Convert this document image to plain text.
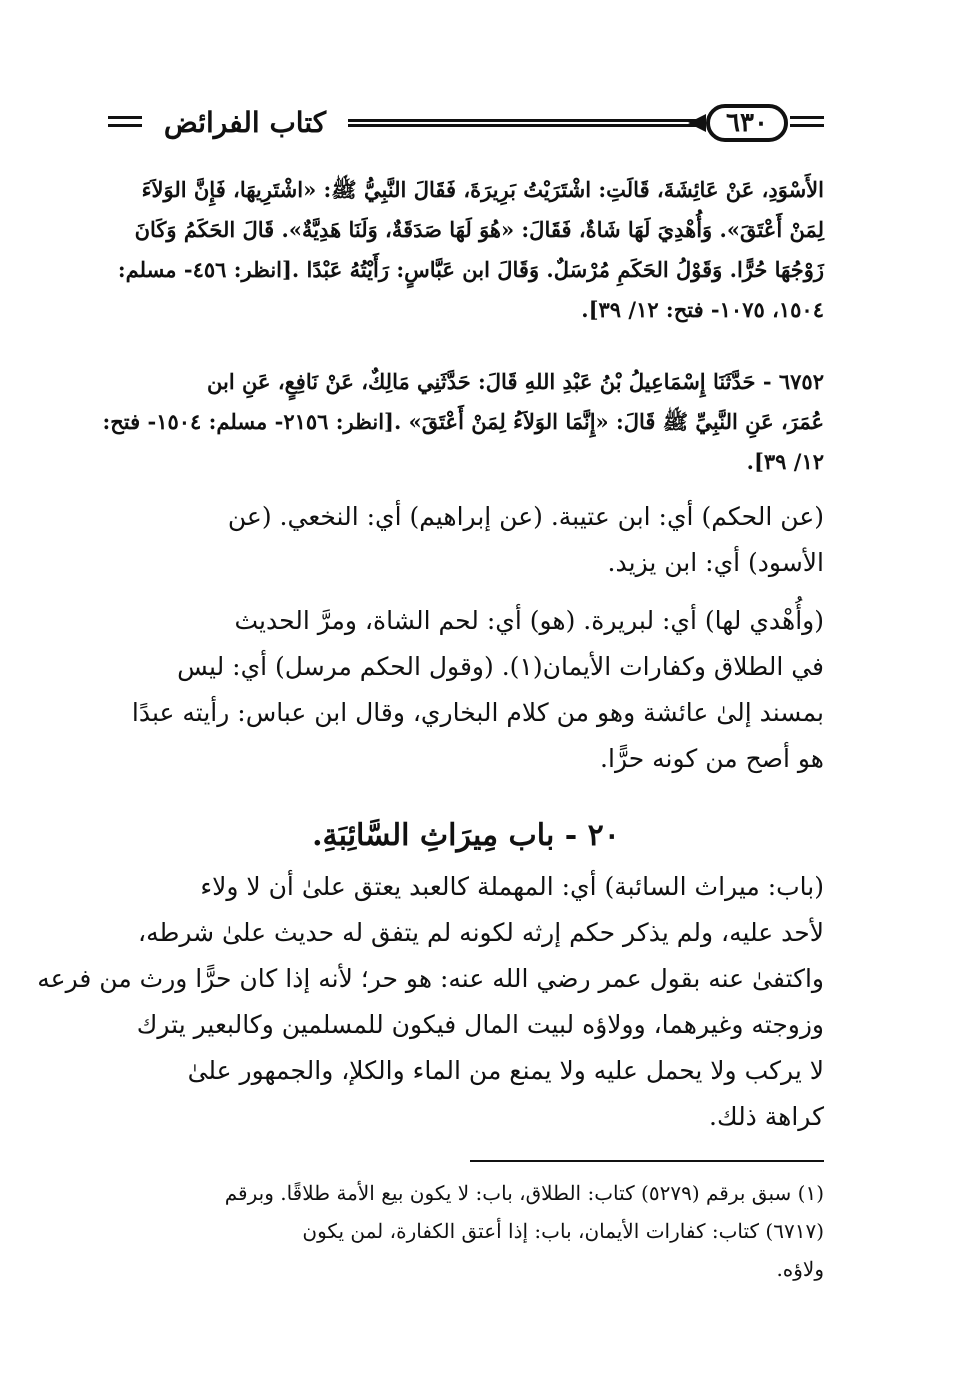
كتاب الفرائض	٦٣٠
الأَسْوَدِ، عَنْ عَائِشَةَ، قَالَتِ: اشْتَرَيْتُ بَرِيرَةَ، فَقَالَ النَّبِيُّ ﷺ: «اشْتَرِيهَا، فَإِنَّ الوَلاَءَ
لِمَنْ أَعْتَقَ». وَأُهْدِيَ لَهَا شَاةٌ، فَقَالَ: «هُوَ لَهَا صَدَقَةٌ، وَلَنَا هَدِيَّةٌ». قَالَ الحَكَمُ وَكَانَ
زَوْجُهَا حُرًّا. وَقَوْلُ الحَكَمِ مُرْسَلٌ. وَقَالَ ابن عَبَّاسٍ: رَأَيْتُهُ عَبْدًا .[انظر: ٤٥٦- مسلم:
١٥٠٤، ١٠٧٥- فتح: ١٢/ ٣٩].
٦٧٥٢ - حَدَّثَنَا إِسْمَاعِيلُ بْنُ عَبْدِ اللهِ قَالَ: حَدَّثَنِي مَالِكٌ، عَنْ نَافِعٍ، عَنِ ابن
عُمَرَ، عَنِ النَّبِيِّ ﷺ قَالَ: «إِنَّمَا الوَلاَءُ لِمَنْ أَعْتَقَ» .[انظر: ٢١٥٦- مسلم: ١٥٠٤- فتح:
١٢/ ٣٩].
(عن الحكم) أي: ابن عتيبة. (عن إبراهيم) أي: النخعي. (عن
الأسود) أي: ابن يزيد.
(وأُهْدي لها) أي: لبريرة. (هو) أي: لحم الشاة، ومرَّ الحديث
في الطلاق وكفارات الأيمان(١). (وقول الحكم مرسل) أي: ليس
بمسند إلىٰ عائشة وهو من كلام البخاري، وقال ابن عباس: رأيته عبدًا
هو أصح من كونه حرًّا.
٢٠ - باب مِيرَاثِ السَّائِبَةِ.
(باب: ميراث السائبة) أي: المهملة كالعبد يعتق علىٰ أن لا ولاء
لأحد عليه، ولم يذكر حكم إرثه لكونه لم يتفق له حديث علىٰ شرطه،
واكتفىٰ عنه بقول عمر رضي الله عنه: هو حر؛ لأنه إذا كان حرًّا ورث من فرعه
وزوجته وغيرهما، وولاؤه لبيت المال فيكون للمسلمين وكالبعير يترك
لا يركب ولا يحمل عليه ولا يمنع من الماء والكلإ، والجمهور علىٰ
كراهة ذلك.
(١) سبق برقم (٥٢٧٩) كتاب: الطلاق، باب: لا يكون بيع الأمة طلاقًا. وبرقم
(٦٧١٧) كتاب: كفارات الأيمان، باب: إذا أعتق الكفارة، لمن يكون
ولاؤه.
